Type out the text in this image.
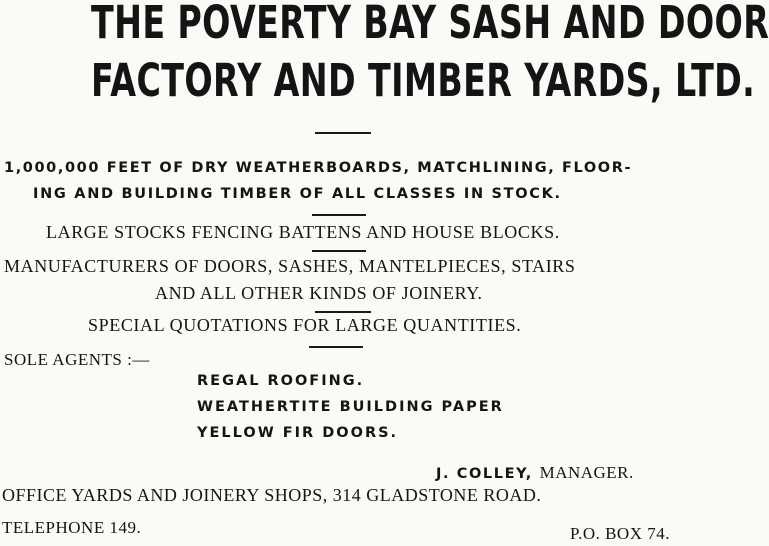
THE POVERTY BAY SASH AND DOOR
FACTORY AND TIMBER YARDS, LTD.
1,000,000 FEET OF DRY WEATHERBOARDS, MATCHLINING, FLOOR-
ING AND BUILDING TIMBER OF ALL CLASSES IN STOCK.
LARGE STOCKS FENCING BATTENS AND HOUSE BLOCKS.
MANUFACTURERS OF DOORS, SASHES, MANTELPIECES, STAIRS
AND ALL OTHER KINDS OF JOINERY.
SPECIAL QUOTATIONS FOR LARGE QUANTITIES.
SOLE AGENTS :—
REGAL ROOFING.
WEATHERTITE BUILDING PAPER
YELLOW FIR DOORS.
J. COLLEY, MANAGER.
OFFICE YARDS AND JOINERY SHOPS, 314 GLADSTONE ROAD.
TELEPHONE 149.	P.O. BOX 74.
